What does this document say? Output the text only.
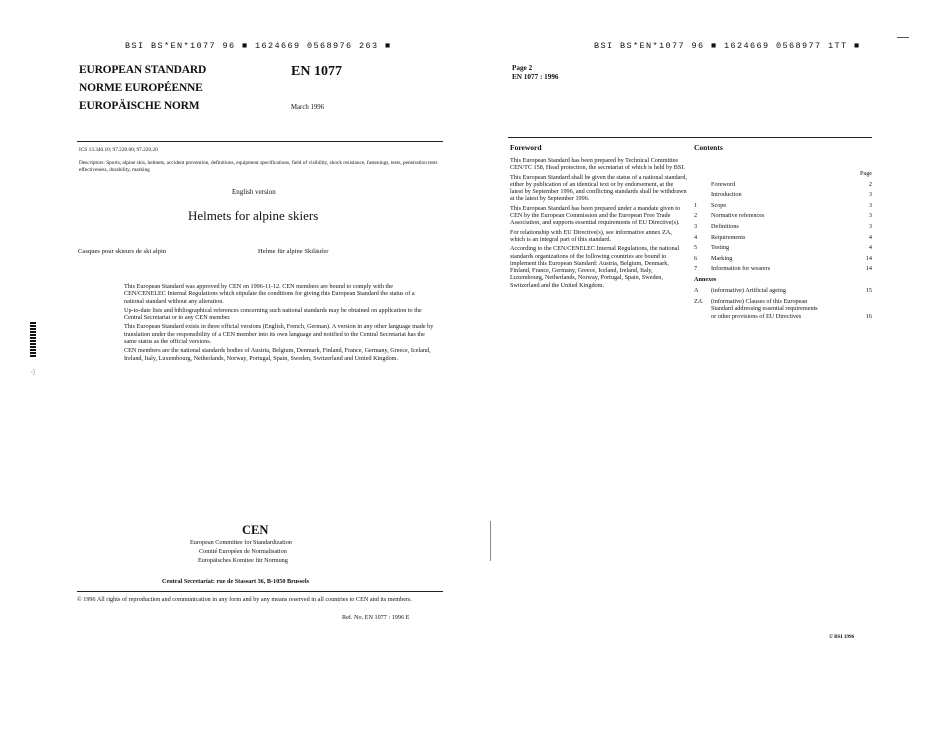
·:·
BSI BS*EN*1077 96 ■ 1624669 0568976 263 ■
EUROPEAN STANDARD
NORME EUROPÉENNE
EUROPÄISCHE NORM
EN 1077
March 1996
ICS 13.340.10; 97.220.00; 97.220.20
Descriptors: Sports, alpine skis, helmets, accident prevention, definitions, equipment specifications, field of visibility, shock resistance, fastenings, tests, penetration tests effectiveness, durability, marking
English version
Helmets for alpine skiers
Casques pour skieurs de ski alpin	Helme für alpine Skiläufer

This European Standard was approved by CEN on 1996-11-12. CEN members are bound to comply with the CEN/CENELEC Internal Regulations which stipulate the conditions for giving this European Standard the status of a national standard without any alteration.

Up-to-date lists and bibliographical references concerning such national standards may be obtained on application to the Central Secretariat or to any CEN member.

This European Standard exists in three official versions (English, French, German). A version in any other language made by translation under the responsibility of a CEN member into its own language and notified to the Central Secretariat has the same status as the official versions.

CEN members are the national standards bodies of Austria, Belgium, Denmark, Finland, France, Germany, Greece, Iceland, Ireland, Italy, Luxembourg, Netherlands, Norway, Portugal, Spain, Sweden, Switzerland and United Kingdom.

CEN
European Committee for Standardization
Comité Européen de Normalisation
Europäisches Komitee für Normung
Central Secretariat: rue de Stassart 36, B-1050 Brussels
© 1996 All rights of reproduction and communication in any form and by any means reserved in all countries to CEN and its members.
Ref. No. EN 1077 : 1996 E
BSI BS*EN*1077 96 ■ 1624669 0568977 1TT ■
Page 2
EN 1077 : 1996
Foreword

This European Standard has been prepared by Technical Committee CEN/TC 158, Head protection, the secretariat of which is held by BSI.

This European Standard shall be given the status of a national standard, either by publication of an identical text or by endorsement, at the latest by September 1996, and conflicting standards shall be withdrawn at the latest by September 1996.

This European Standard has been prepared under a mandate given to CEN by the European Commission and the European Free Trade Association, and supports essential requirements of EU Directive(s).

For relationship with EU Directive(s), see informative annex ZA, which is an integral part of this standard.

According to the CEN/CENELEC Internal Regulations, the national standards organizations of the following countries are bound to implement this European Standard: Austria, Belgium, Denmark, Finland, France, Germany, Greece, Iceland, Ireland, Italy, Luxembourg, Netherlands, Norway, Portugal, Spain, Sweden, Switzerland and the United Kingdom.

Contents
Page
Foreword	2
Introduction	3
1	Scope	3
2	Normative references	3
3	Definitions	3
4	Requirements	4
5	Testing	4
6	Marking	14
7	Information for wearers	14
Annexes
A	(informative) Artificial ageing	15
ZA	(informative) Clauses of this European Standard addressing essential requirements or other provisions of EU Directives	16
© BSI 1996
